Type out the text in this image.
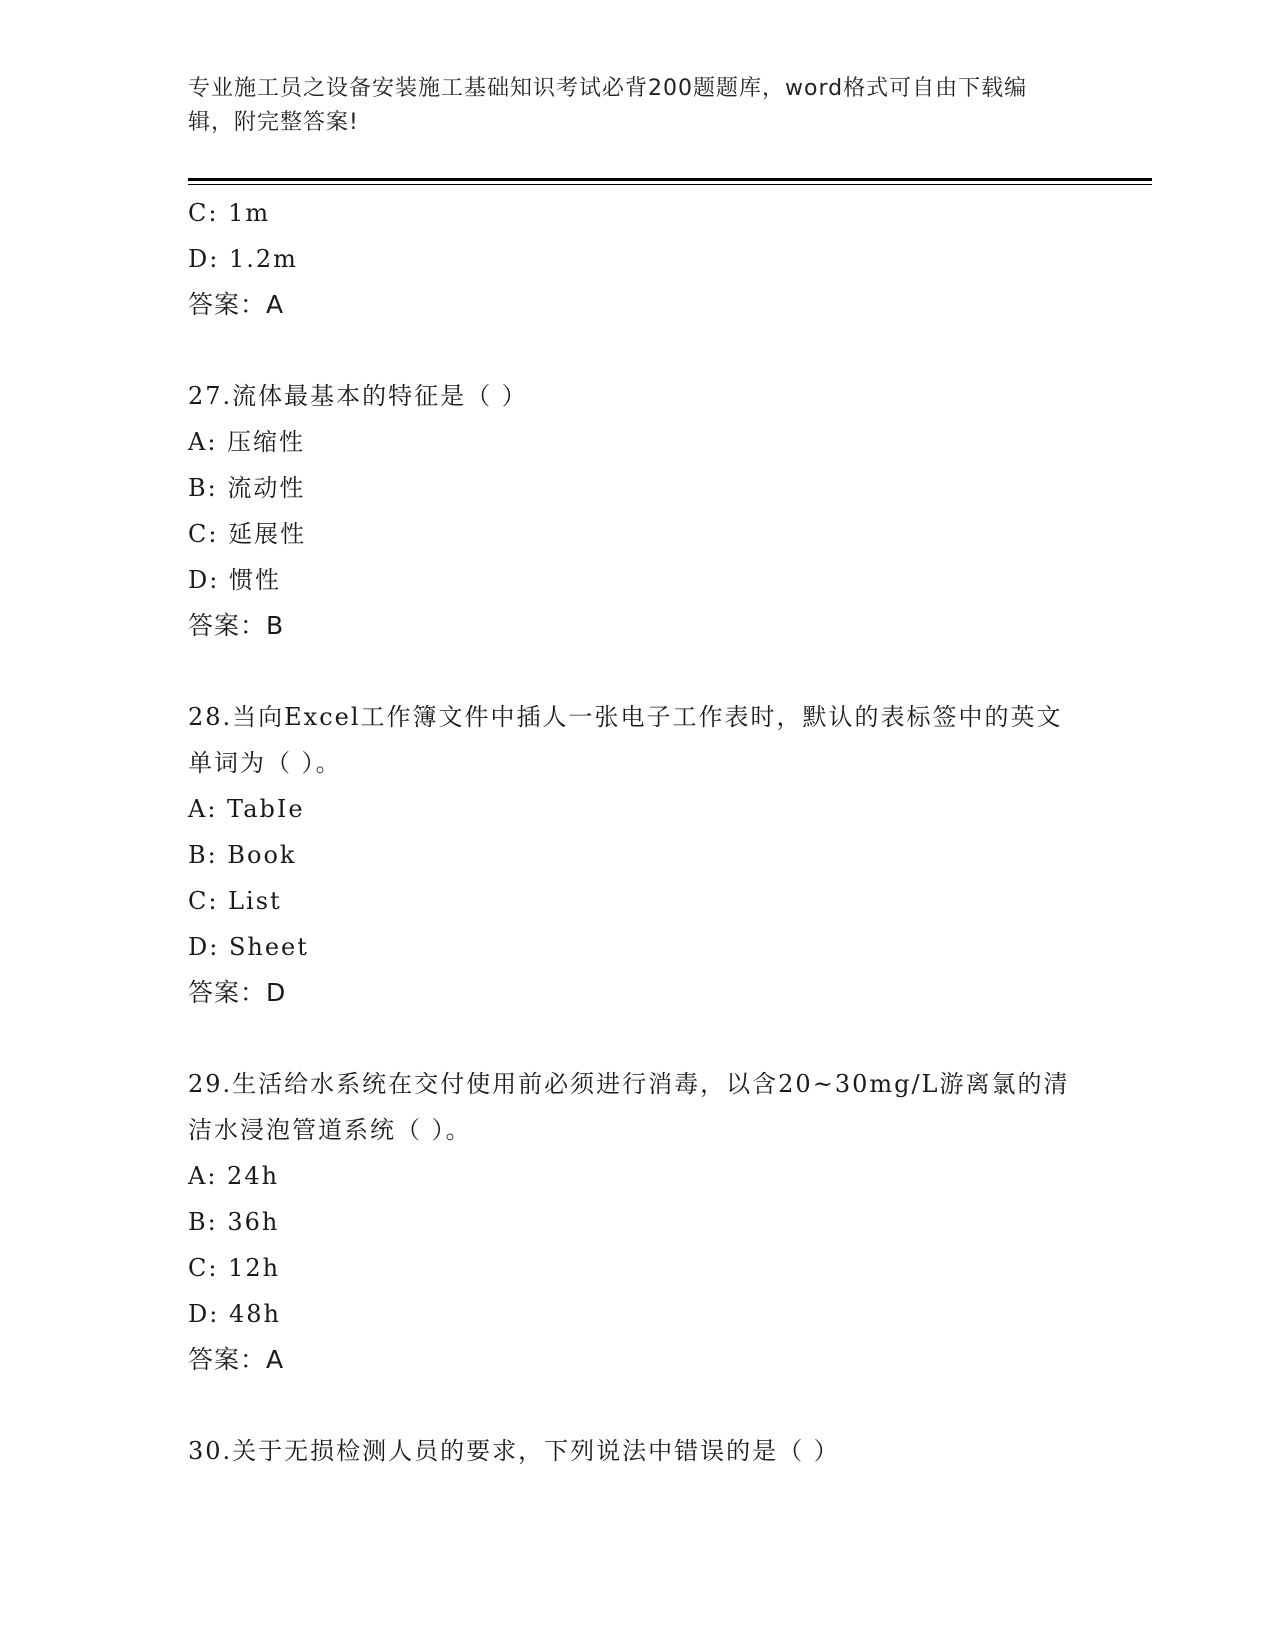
专业施工员之设备安装施工基础知识考试必背200题题库，word格式可自由下载编辑，附完整答案!
C: 1m
D: 1.2m
答案：A
27.流体最基本的特征是（ ）
A: 压缩性
B: 流动性
C: 延展性
D: 惯性
答案：B
28.当向Excel工作簿文件中插人一张电子工作表时，默认的表标签中的英文单词为（ ）。
A: TabIe
B: Book
C: List
D: Sheet
答案：D
29.生活给水系统在交付使用前必须进行消毒，以含20~30mg/L游离氯的清洁水浸泡管道系统（ ）。
A: 24h
B: 36h
C: 12h
D: 48h
答案：A
30.关于无损检测人员的要求，下列说法中错误的是（ ）
